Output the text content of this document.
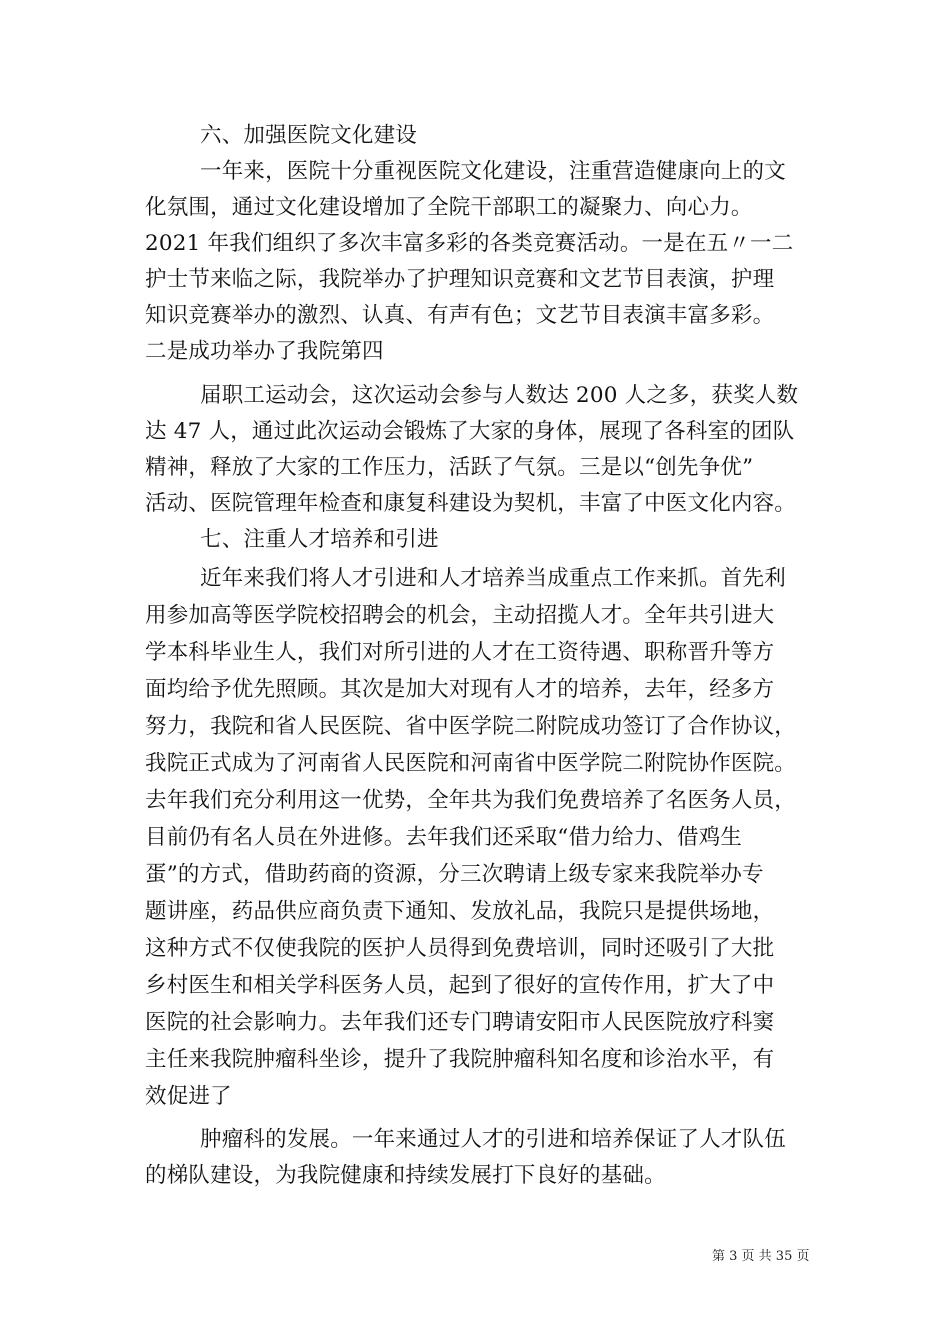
六、加强医院文化建设
一年来，医院十分重视医院文化建设，注重营造健康向上的文
化氛围，通过文化建设增加了全院干部职工的凝聚力、向心力。
2021 年我们组织了多次丰富多彩的各类竞赛活动。一是在五〃一二
护士节来临之际，我院举办了护理知识竞赛和文艺节目表演，护理
知识竞赛举办的激烈、认真、有声有色；文艺节目表演丰富多彩。
二是成功举办了我院第四
届职工运动会，这次运动会参与人数达 200 人之多，获奖人数
达 47 人，通过此次运动会锻炼了大家的身体，展现了各科室的团队
精神，释放了大家的工作压力，活跃了气氛。三是以“创先争优”
活动、医院管理年检查和康复科建设为契机，丰富了中医文化内容。
七、注重人才培养和引进
近年来我们将人才引进和人才培养当成重点工作来抓。首先利
用参加高等医学院校招聘会的机会，主动招揽人才。全年共引进大
学本科毕业生人，我们对所引进的人才在工资待遇、职称晋升等方
面均给予优先照顾。其次是加大对现有人才的培养，去年，经多方
努力，我院和省人民医院、省中医学院二附院成功签订了合作协议，
我院正式成为了河南省人民医院和河南省中医学院二附院协作医院。
去年我们充分利用这一优势，全年共为我们免费培养了名医务人员，
目前仍有名人员在外进修。去年我们还采取“借力给力、借鸡生
蛋”的方式，借助药商的资源，分三次聘请上级专家来我院举办专
题讲座，药品供应商负责下通知、发放礼品，我院只是提供场地，
这种方式不仅使我院的医护人员得到免费培训，同时还吸引了大批
乡村医生和相关学科医务人员，起到了很好的宣传作用，扩大了中
医院的社会影响力。去年我们还专门聘请安阳市人民医院放疗科窦
主任来我院肿瘤科坐诊，提升了我院肿瘤科知名度和诊治水平，有
效促进了
肿瘤科的发展。一年来通过人才的引进和培养保证了人才队伍
的梯队建设，为我院健康和持续发展打下良好的基础。
第 3 页 共 35 页
